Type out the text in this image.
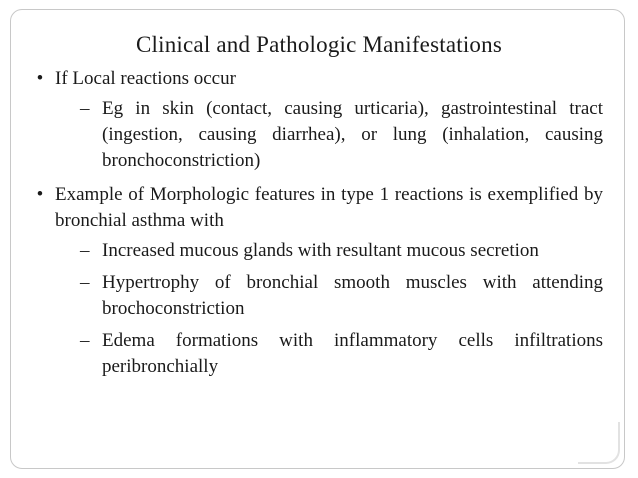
Clinical and Pathologic Manifestations
• If Local reactions occur
– Eg in skin (contact, causing urticaria), gastrointestinal tract (ingestion, causing diarrhea), or lung (inhalation, causing bronchoconstriction)
• Example of Morphologic features in type 1 reactions is exemplified by bronchial asthma with
– Increased mucous glands with resultant mucous secretion
– Hypertrophy of bronchial smooth muscles with attending brochoconstriction
– Edema formations with inflammatory cells infiltrations peribronchially
